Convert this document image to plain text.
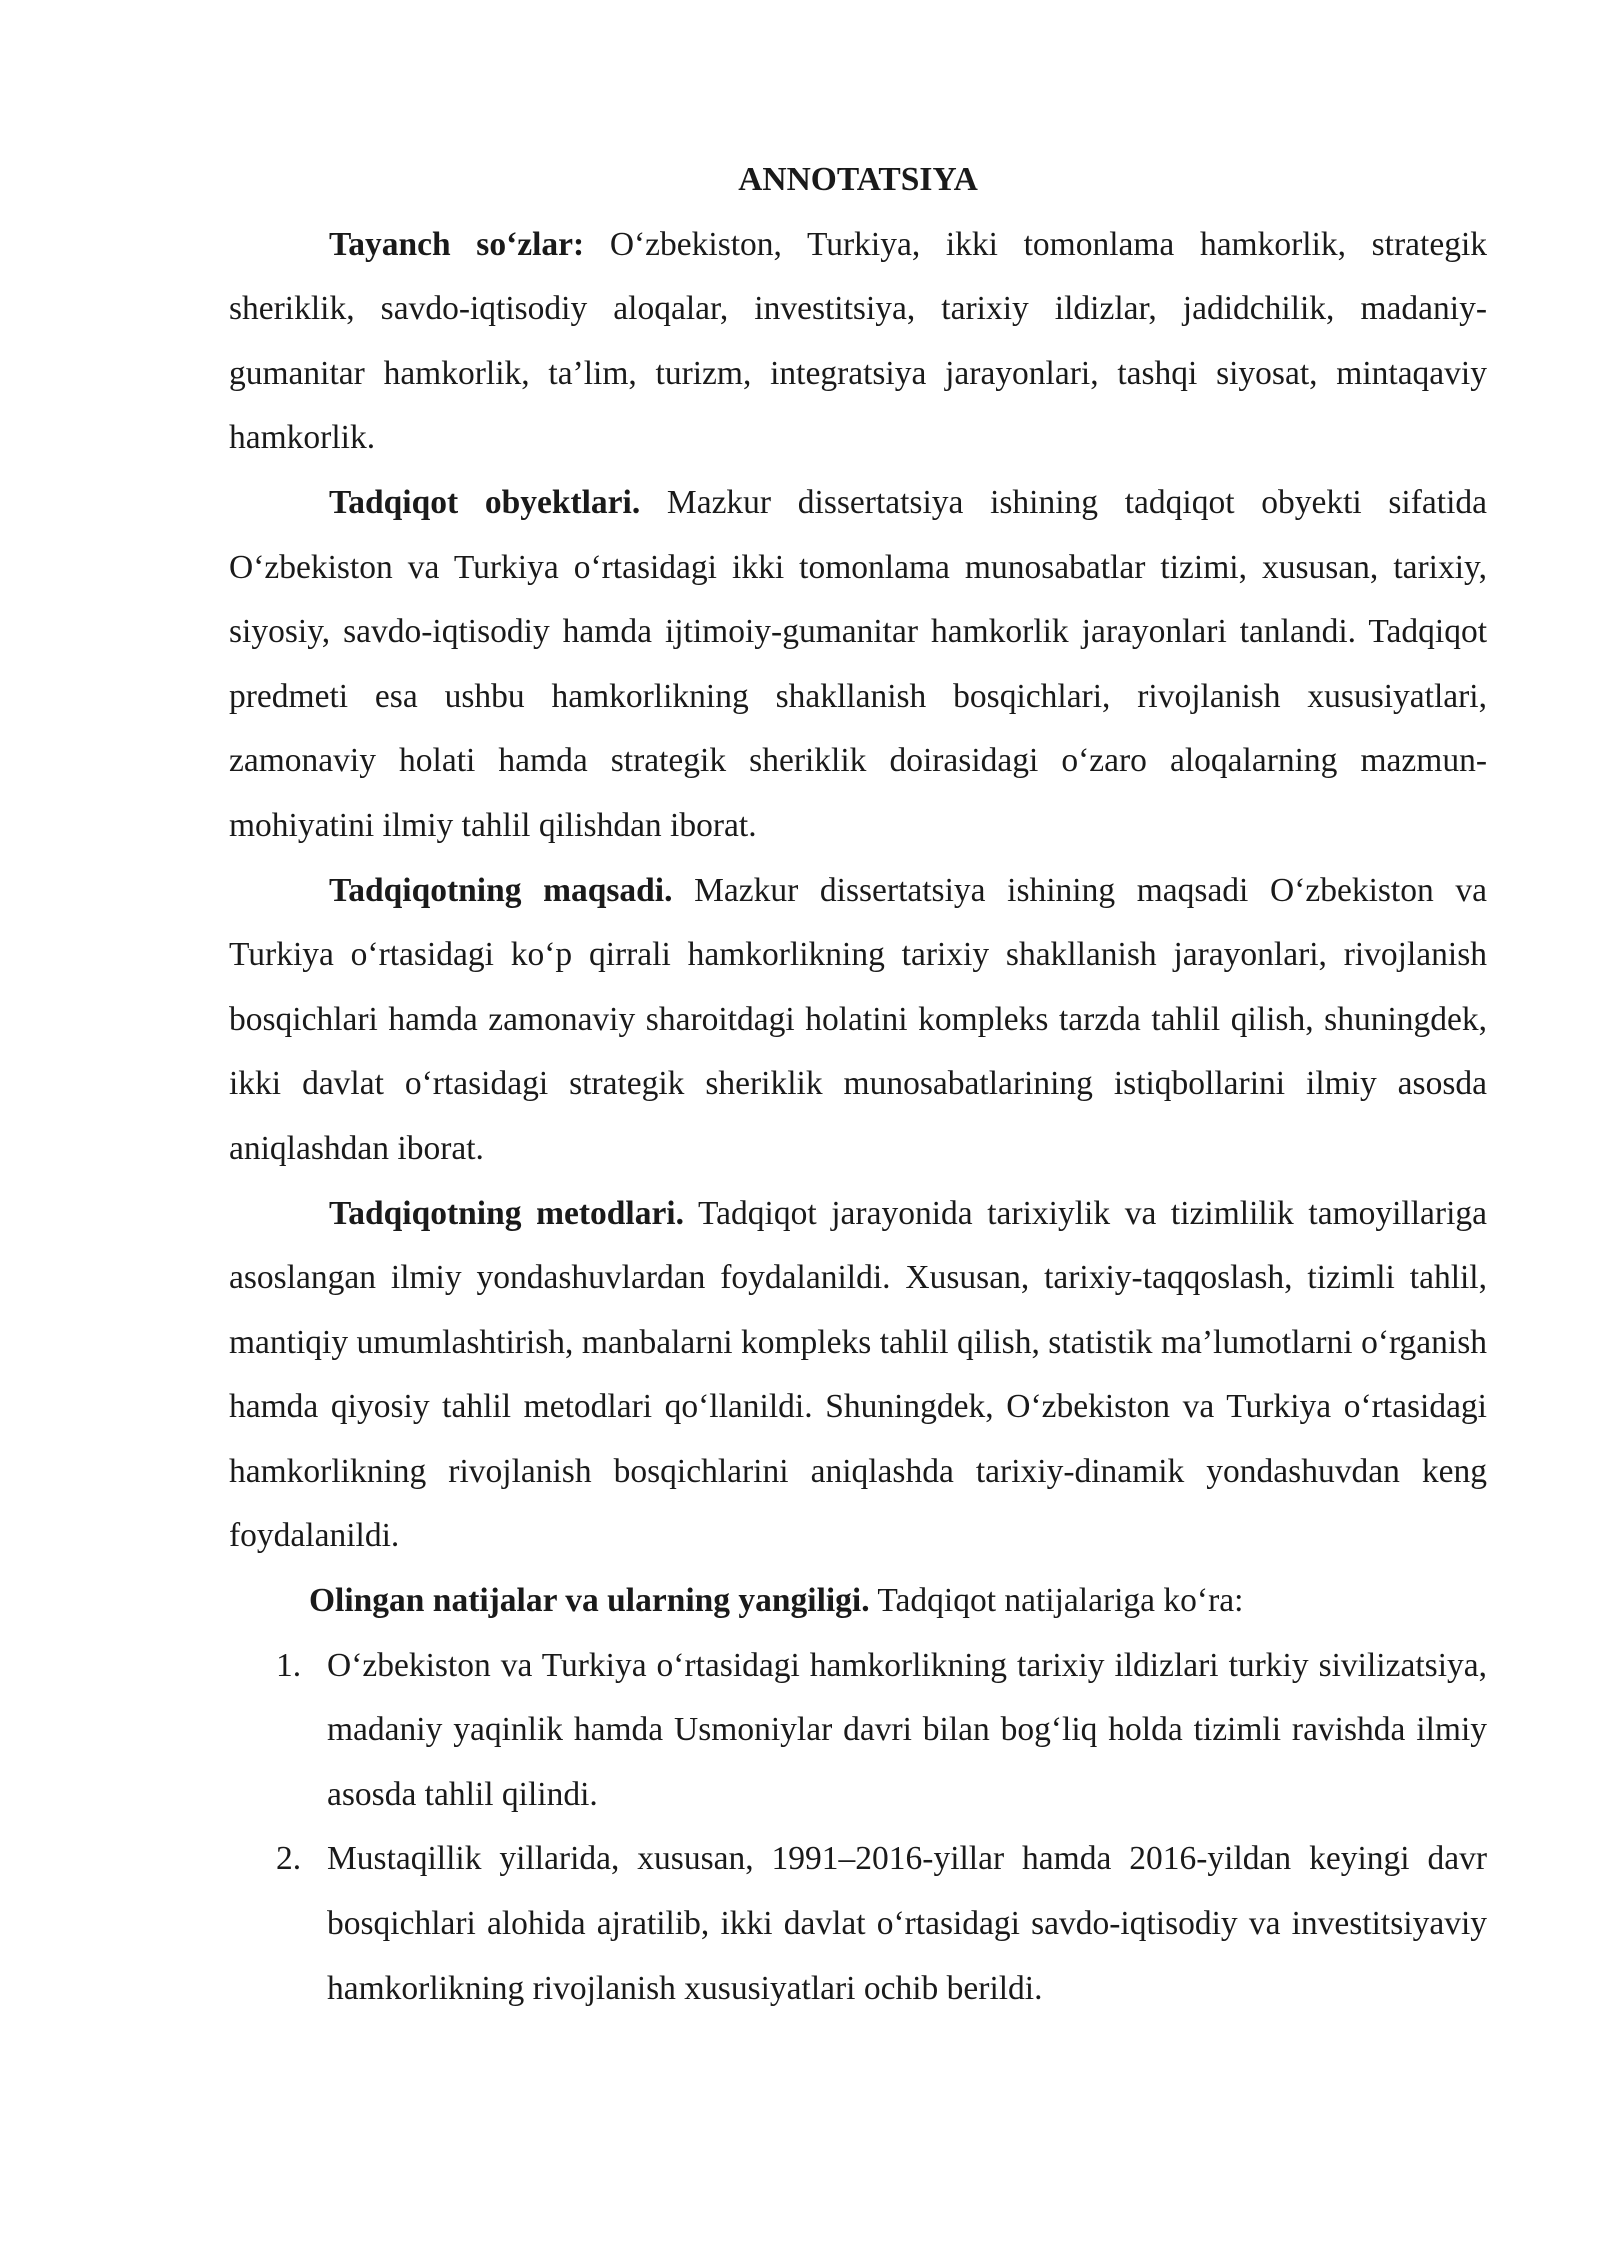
ANNOTATSIYA

Tayanch so‘zlar: O‘zbekiston, Turkiya, ikki tomonlama hamkorlik, strategik sheriklik, savdo-iqtisodiy aloqalar, investitsiya, tarixiy ildizlar, jadidchilik, madaniy-gumanitar hamkorlik, ta’lim, turizm, integratsiya jarayonlari, tashqi siyosat, mintaqaviy hamkorlik.

Tadqiqot obyektlari. Mazkur dissertatsiya ishining tadqiqot obyekti sifatida O‘zbekiston va Turkiya o‘rtasidagi ikki tomonlama munosabatlar tizimi, xususan, tarixiy, siyosiy, savdo-iqtisodiy hamda ijtimoiy-gumanitar hamkorlik jarayonlari tanlandi. Tadqiqot predmeti esa ushbu hamkorlikning shakllanish bosqichlari, rivojlanish xususiyatlari, zamonaviy holati hamda strategik sheriklik doirasidagi o‘zaro aloqalarning mazmun-mohiyatini ilmiy tahlil qilishdan iborat.

Tadqiqotning maqsadi. Mazkur dissertatsiya ishining maqsadi O‘zbekiston va Turkiya o‘rtasidagi ko‘p qirrali hamkorlikning tarixiy shakllanish jarayonlari, rivojlanish bosqichlari hamda zamonaviy sharoitdagi holatini kompleks tarzda tahlil qilish, shuningdek, ikki davlat o‘rtasidagi strategik sheriklik munosabatlarining istiqbollarini ilmiy asosda aniqlashdan iborat.

Tadqiqotning metodlari. Tadqiqot jarayonida tarixiylik va tizimlilik tamoyillariga asoslangan ilmiy yondashuvlardan foydalanildi. Xususan, tarixiy-taqqoslash, tizimli tahlil, mantiqiy umumlashtirish, manbalarni kompleks tahlil qilish, statistik ma’lumotlarni o‘rganish hamda qiyosiy tahlil metodlari qo‘llanildi. Shuningdek, O‘zbekiston va Turkiya o‘rtasidagi hamkorlikning rivojlanish bosqichlarini aniqlashda tarixiy-dinamik yondashuvdan keng foydalanildi.

Olingan natijalar va ularning yangiligi. Tadqiqot natijalariga ko‘ra:

1. O‘zbekiston va Turkiya o‘rtasidagi hamkorlikning tarixiy ildizlari turkiy sivilizatsiya, madaniy yaqinlik hamda Usmoniylar davri bilan bog‘liq holda tizimli ravishda ilmiy asosda tahlil qilindi.
2. Mustaqillik yillarida, xususan, 1991–2016-yillar hamda 2016-yildan keyingi davr bosqichlari alohida ajratilib, ikki davlat o‘rtasidagi savdo-iqtisodiy va investitsiyaviy hamkorlikning rivojlanish xususiyatlari ochib berildi.
